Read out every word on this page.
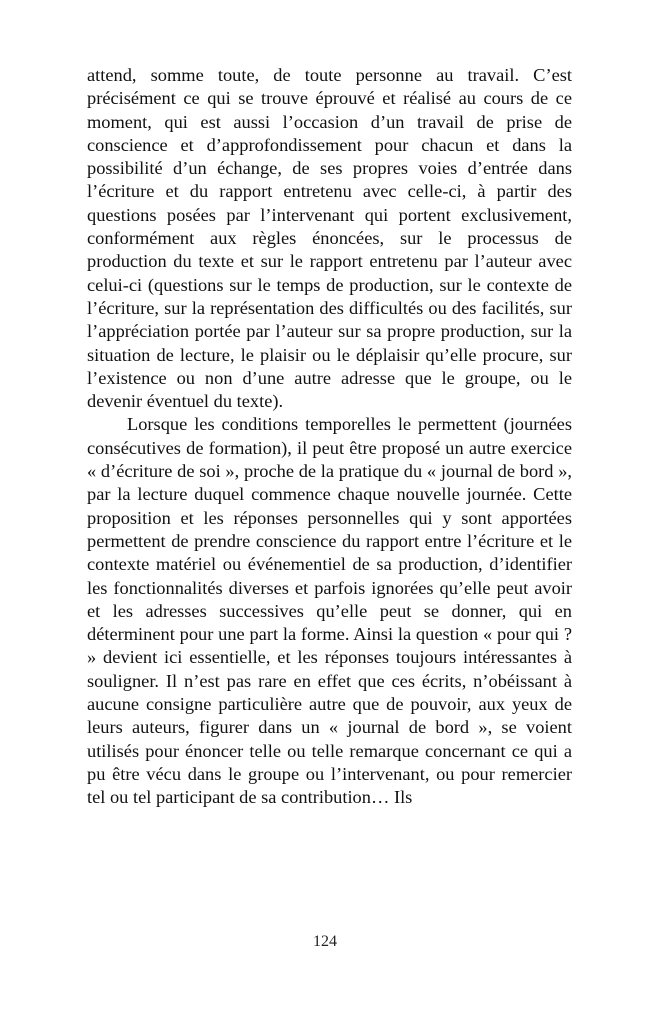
attend, somme toute, de toute personne au travail. C’est précisément ce qui se trouve éprouvé et réalisé au cours de ce moment, qui est aussi l’occasion d’un travail de prise de conscience et d’approfondissement pour chacun et dans la possibilité d’un échange, de ses propres voies d’entrée dans l’écriture et du rapport entretenu avec celle-ci, à partir des questions posées par l’intervenant qui portent exclusivement, conformément aux règles énoncées, sur le processus de production du texte et sur le rapport entretenu par l’auteur avec celui-ci (questions sur le temps de production, sur le contexte de l’écriture, sur la représentation des difficultés ou des facilités, sur l’appréciation portée par l’auteur sur sa propre production, sur la situation de lecture, le plaisir ou le déplaisir qu’elle procure, sur l’existence ou non d’une autre adresse que le groupe, ou le devenir éventuel du texte).

Lorsque les conditions temporelles le permettent (journées consécutives de formation), il peut être proposé un autre exercice « d’écriture de soi », proche de la pratique du « journal de bord », par la lecture duquel commence chaque nouvelle journée. Cette proposition et les réponses personnelles qui y sont apportées permettent de prendre conscience du rapport entre l’écriture et le contexte matériel ou événementiel de sa production, d’identifier les fonctionnalités diverses et parfois ignorées qu’elle peut avoir et les adresses successives qu’elle peut se donner, qui en déterminent pour une part la forme. Ainsi la question « pour qui ? » devient ici essentielle, et les réponses toujours intéressantes à souligner. Il n’est pas rare en effet que ces écrits, n’obéissant à aucune consigne particulière autre que de pouvoir, aux yeux de leurs auteurs, figurer dans un « journal de bord », se voient utilisés pour énoncer telle ou telle remarque concernant ce qui a pu être vécu dans le groupe ou l’intervenant, ou pour remercier tel ou tel participant de sa contribution… Ils

124
